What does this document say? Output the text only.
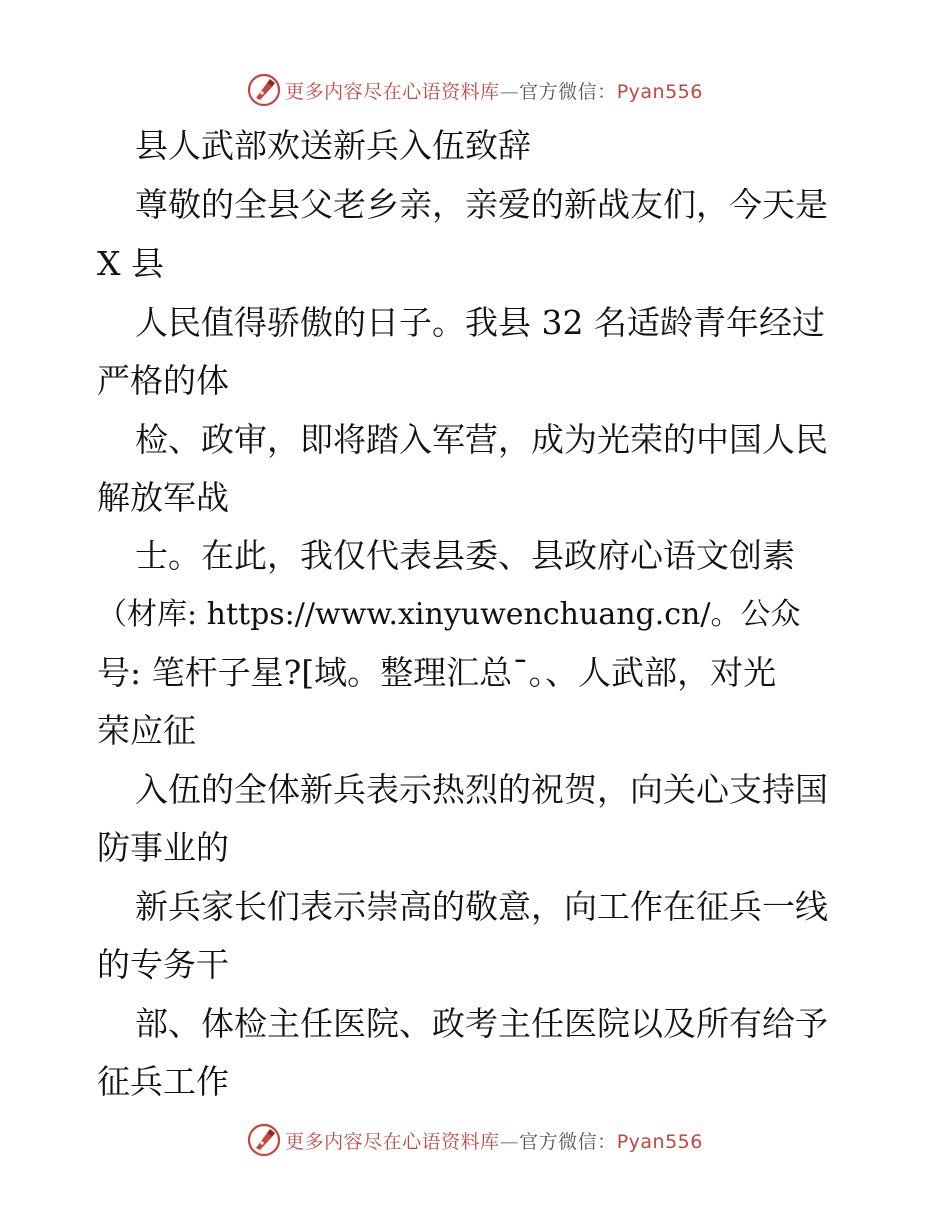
更多内容尽在心语资料库—官方微信：Pyan556
县人武部欢送新兵入伍致辞
尊敬的全县父老乡亲，亲爱的新战友们，今天是
X 县
人民值得骄傲的日子。我县 32 名适龄青年经过
严格的体
检、政审，即将踏入军营，成为光荣的中国人民
解放军战
士。在此，我仅代表县委、县政府心语文创素
（材库: https://www.xinyuwenchuang.cn/。公众
号: 笔杆子星?[域。整理汇总¯。、人武部，对光
荣应征
入伍的全体新兵表示热烈的祝贺，向关心支持国
防事业的
新兵家长们表示崇高的敬意，向工作在征兵一线
的专务干
部、体检主任医院、政考主任医院以及所有给予
征兵工作
更多内容尽在心语资料库—官方微信：Pyan556
